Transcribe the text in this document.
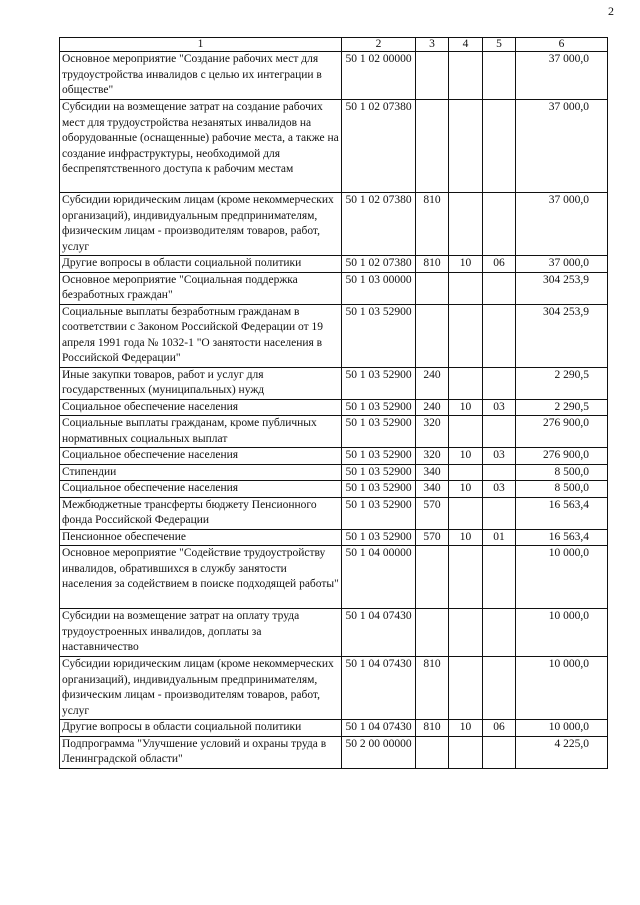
2
1	2	3	4	5	6
Основное мероприятие "Создание рабочих мест для трудоустройства инвалидов с целью их интеграции в обществе"	50 1 02 00000				37 000,0
Субсидии на возмещение затрат на создание рабочих мест для трудоустройства незанятых инвалидов на оборудованные (оснащенные) рабочие места, а также на создание инфраструктуры, необходимой для беспрепятственного доступа к рабочим местам	50 1 02 07380				37 000,0
Субсидии юридическим лицам (кроме некоммерческих организаций), индивидуальным предпринимателям, физическим лицам - производителям товаров, работ, услуг	50 1 02 07380	810			37 000,0
Другие вопросы в области социальной политики	50 1 02 07380	810	10	06	37 000,0
Основное мероприятие "Социальная поддержка безработных граждан"	50 1 03 00000				304 253,9
Социальные выплаты безработным гражданам в соответствии с Законом Российской Федерации от 19 апреля 1991 года № 1032-1 "О занятости населения в Российской Федерации"	50 1 03 52900				304 253,9
Иные закупки товаров, работ и услуг для государственных (муниципальных) нужд	50 1 03 52900	240			2 290,5
Социальное обеспечение населения	50 1 03 52900	240	10	03	2 290,5
Социальные выплаты гражданам, кроме публичных нормативных социальных выплат	50 1 03 52900	320			276 900,0
Социальное обеспечение населения	50 1 03 52900	320	10	03	276 900,0
Стипендии	50 1 03 52900	340			8 500,0
Социальное обеспечение населения	50 1 03 52900	340	10	03	8 500,0
Межбюджетные трансферты бюджету Пенсионного фонда Российской Федерации	50 1 03 52900	570			16 563,4
Пенсионное обеспечение	50 1 03 52900	570	10	01	16 563,4
Основное мероприятие "Содействие трудоустройству инвалидов, обратившихся в службу занятости населения за содействием в поиске подходящей работы"	50 1 04 00000				10 000,0
Субсидии на возмещение затрат на оплату труда трудоустроенных инвалидов, доплаты за наставничество	50 1 04 07430				10 000,0
Субсидии юридическим лицам (кроме некоммерческих организаций), индивидуальным предпринимателям, физическим лицам - производителям товаров, работ, услуг	50 1 04 07430	810			10 000,0
Другие вопросы в области социальной политики	50 1 04 07430	810	10	06	10 000,0
Подпрограмма "Улучшение условий и охраны труда в Ленинградской области"	50 2 00 00000				4 225,0
